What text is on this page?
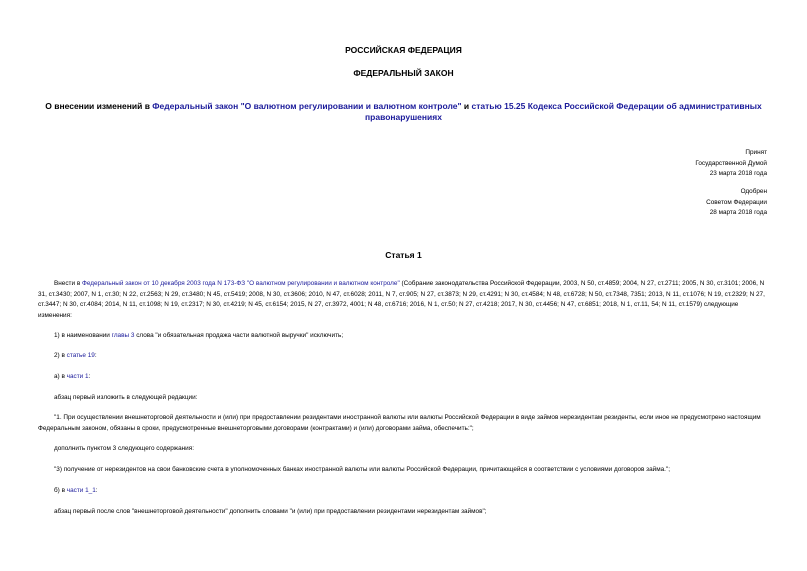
РОССИЙСКАЯ ФЕДЕРАЦИЯ
ФЕДЕРАЛЬНЫЙ ЗАКОН
О внесении изменений в Федеральный закон "О валютном регулировании и валютном контроле" и статью 15.25 Кодекса Российской Федерации об административных правонарушениях
Принят
Государственной Думой
23 марта 2018 года
Одобрен
Советом Федерации
28 марта 2018 года
Статья 1
Внести в Федеральный закон от 10 декабря 2003 года N 173-ФЗ "О валютном регулировании и валютном контроле" (Собрание законодательства Российской Федерации, 2003, N 50, ст.4859; 2004, N 27, ст.2711; 2005, N 30, ст.3101; 2006, N 31, ст.3430; 2007, N 1, ст.30; N 22, ст.2563; N 29, ст.3480; N 45, ст.5419; 2008, N 30, ст.3606; 2010, N 47, ст.6028; 2011, N 7, ст.905; N 27, ст.3873; N 29, ст.4291; N 30, ст.4584; N 48, ст.6728; N 50, ст.7348, 7351; 2013, N 11, ст.1076; N 19, ст.2329; N 27, ст.3447; N 30, ст.4084; 2014, N 11, ст.1098; N 19, ст.2317; N 30, ст.4219; N 45, ст.6154; 2015, N 27, ст.3972, 4001; N 48, ст.6716; 2016, N 1, ст.50; N 27, ст.4218; 2017, N 30, ст.4456; N 47, ст.6851; 2018, N 1, ст.11, 54; N 11, ст.1579) следующие изменения:
1) в наименовании главы 3 слова "и обязательная продажа части валютной выручки" исключить;
2) в статье 19:
а) в части 1:
абзац первый изложить в следующей редакции:
"1. При осуществлении внешнеторговой деятельности и (или) при предоставлении резидентами иностранной валюты или валюты Российской Федерации в виде займов нерезидентам резиденты, если иное не предусмотрено настоящим Федеральным законом, обязаны в сроки, предусмотренные внешнеторговыми договорами (контрактами) и (или) договорами займа, обеспечить:";
дополнить пунктом 3 следующего содержания:
"3) получение от нерезидентов на свои банковские счета в уполномоченных банках иностранной валюты или валюты Российской Федерации, причитающейся в соответствии с условиями договоров займа.";
б) в части 1_1:
абзац первый после слов "внешнеторговой деятельности" дополнить словами "и (или) при предоставлении резидентами нерезидентам займов";
